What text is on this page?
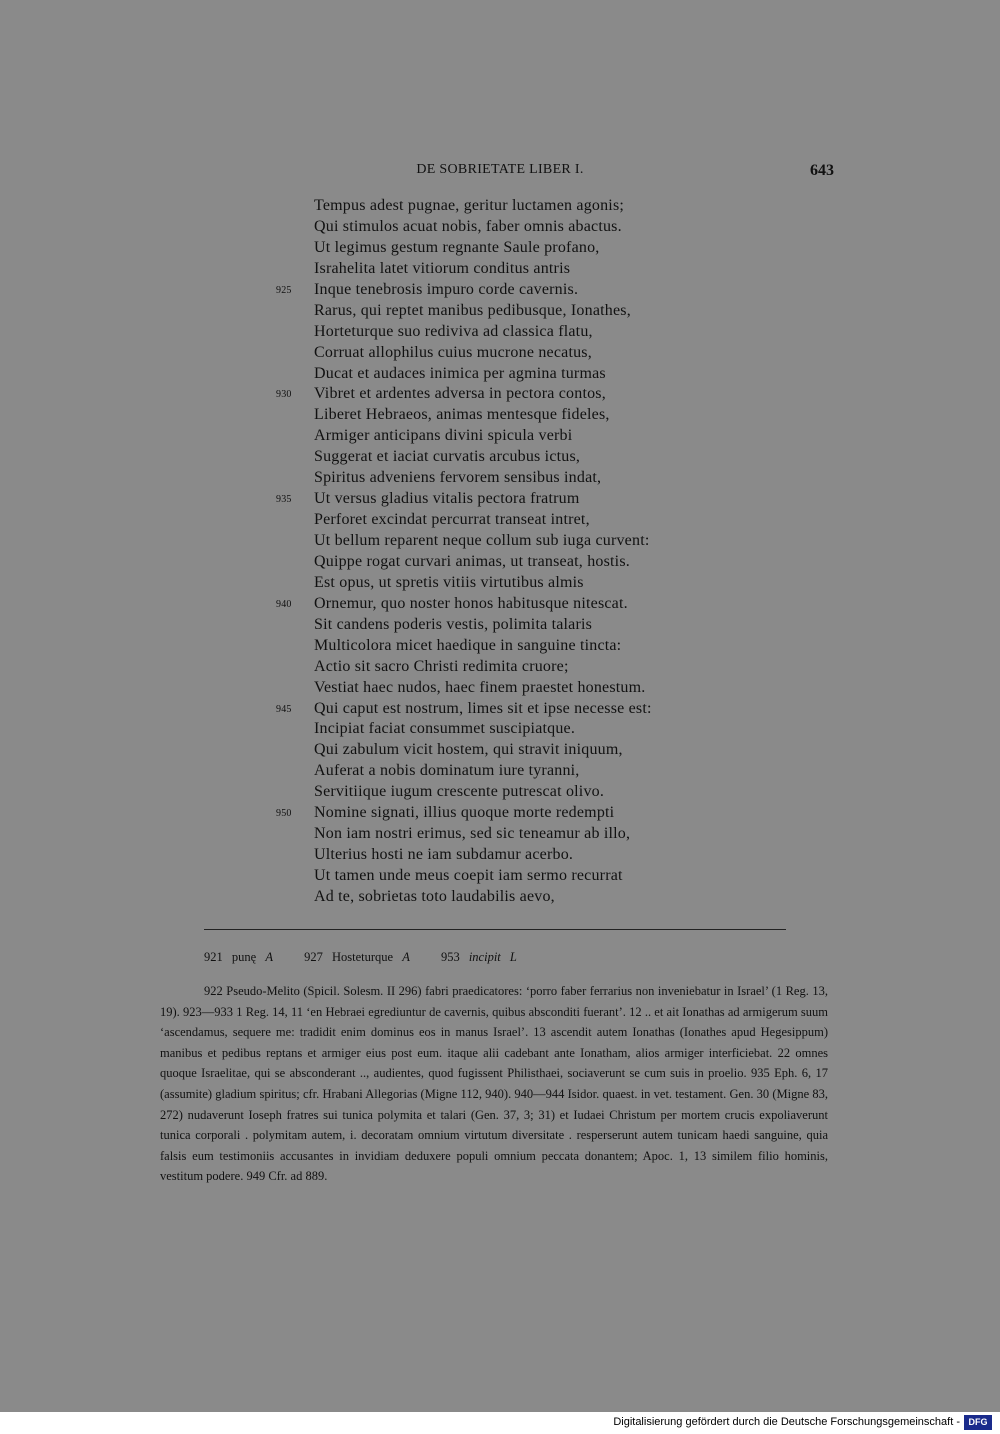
DE SOBRIETATE LIBER I.	643
Tempus adest pugnae, geritur luctamen agonis;
Qui stimulos acuat nobis, faber omnis abactus.
Ut legimus gestum regnante Saule profano,
Israhelita latet vitiorum conditus antris
925	Inque tenebrosis impuro corde cavernis.
Rarus, qui reptet manibus pedibusque, Ionathes,
Horteturque suo rediviva ad classica flatu,
Corruat allophilus cuius mucrone necatus,
Ducat et audaces inimica per agmina turmas
930	Vibret et ardentes adversa in pectora contos,
Liberet Hebraeos, animas mentesque fideles,
Armiger anticipans divini spicula verbi
Suggerat et iaciat curvatis arcubus ictus,
Spiritus adveniens fervorem sensibus indat,
935	Ut versus gladius vitalis pectora fratrum
Perforet excindat percurrat transeat intret,
Ut bellum reparent neque collum sub iuga curvent:
Quippe rogat curvari animas, ut transeat, hostis.
Est opus, ut spretis vitiis virtutibus almis
940	Ornemur, quo noster honos habitusque nitescat.
Sit candens poderis vestis, polimita talaris
Multicolora micet haedique in sanguine tincta:
Actio sit sacro Christi redimita cruore;
Vestiat haec nudos, haec finem praestet honestum.
945	Qui caput est nostrum, limes sit et ipse necesse est:
Incipiat faciat consummet suscipiatque.
Qui zabulum vicit hostem, qui stravit iniquum,
Auferat a nobis dominatum iure tyranni,
Servitiique iugum crescente putrescat olivo.
950	Nomine signati, illius quoque morte redempti
Non iam nostri erimus, sed sic teneamur ab illo,
Ulterius hosti ne iam subdamur acerbo.
Ut tamen unde meus coepit iam sermo recurrat
Ad te, sobrietas toto laudabilis aevo,
921 punę A 927 Hosteturque A 953 incipit L

922 Pseudo-Melito (Spicil. Solesm. II 296) fabri praedicatores: ‘porro faber ferrarius non inveniebatur in Israel’ (1 Reg. 13, 19). 923—933 1 Reg. 14, 11 ‘en Hebraei egrediuntur de cavernis, quibus absconditi fuerant’. 12 .. et ait Ionathas ad armigerum suum ‘ascendamus, sequere me: tradidit enim dominus eos in manus Israel’. 13 ascendit autem Ionathas (Ionathes apud Hegesippum) manibus et pedibus reptans et armiger eius post eum. itaque alii cadebant ante Ionatham, alios armiger interficiebat. 22 omnes quoque Israelitae, qui se absconderant .., audientes, quod fugissent Philisthaei, sociaverunt se cum suis in proelio. 935 Eph. 6, 17 (assumite) gladium spiritus; cfr. Hrabani Allegorias (Migne 112, 940). 940—944 Isidor. quaest. in vet. testament. Gen. 30 (Migne 83, 272) nudaverunt Ioseph fratres sui tunica polymita et talari (Gen. 37, 3; 31) et Iudaei Christum per mortem crucis expoliaverunt tunica corporali . polymitam autem, i. decoratam omnium virtutum diversitate . resperserunt autem tunicam haedi sanguine, quia falsis eum testimoniis accusantes in invidiam deduxere populi omnium peccata donantem; Apoc. 1, 13 similem filio hominis, vestitum podere. 949 Cfr. ad 889.

Digitalisierung gefördert durch die Deutsche Forschungsgemeinschaft - DFG
